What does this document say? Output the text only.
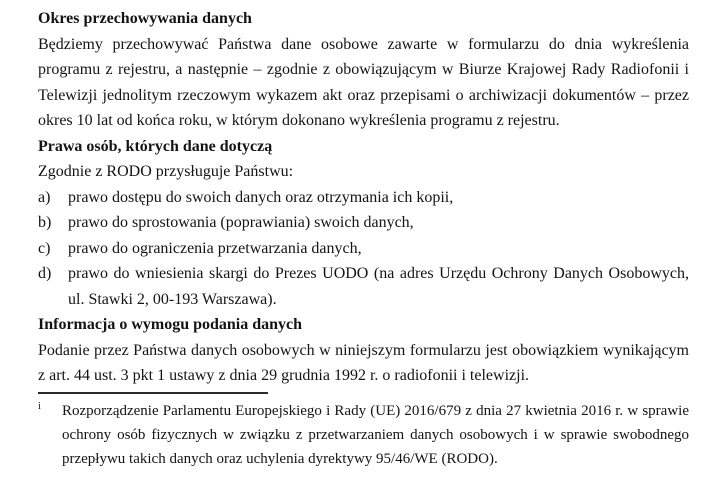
Okres przechowywania danych

Będziemy przechowywać Państwa dane osobowe zawarte w formularzu do dnia wykreślenia programu z rejestru, a następnie – zgodnie z obowiązującym w Biurze Krajowej Rady Radiofonii i Telewizji jednolitym rzeczowym wykazem akt oraz przepisami o archiwizacji dokumentów – przez okres 10 lat od końca roku, w którym dokonano wykreślenia programu z rejestru.

Prawa osób, których dane dotyczą

Zgodnie z RODO przysługuje Państwu:

a)	prawo dostępu do swoich danych oraz otrzymania ich kopii,
b)	prawo do sprostowania (poprawiania) swoich danych,
c)	prawo do ograniczenia przetwarzania danych,
d)	prawo do wniesienia skargi do Prezes UODO (na adres Urzędu Ochrony Danych Osobowych, ul. Stawki 2, 00-193 Warszawa).
Informacja o wymogu podania danych

Podanie przez Państwa danych osobowych w niniejszym formularzu jest obowiązkiem wynikającym z art. 44 ust. 3 pkt 1 ustawy z dnia 29 grudnia 1992 r. o radiofonii i telewizji.

i	Rozporządzenie Parlamentu Europejskiego i Rady (UE) 2016/679 z dnia 27 kwietnia 2016 r. w sprawie ochrony osób fizycznych w związku z przetwarzaniem danych osobowych i w sprawie swobodnego przepływu takich danych oraz uchylenia dyrektywy 95/46/WE (RODO).
